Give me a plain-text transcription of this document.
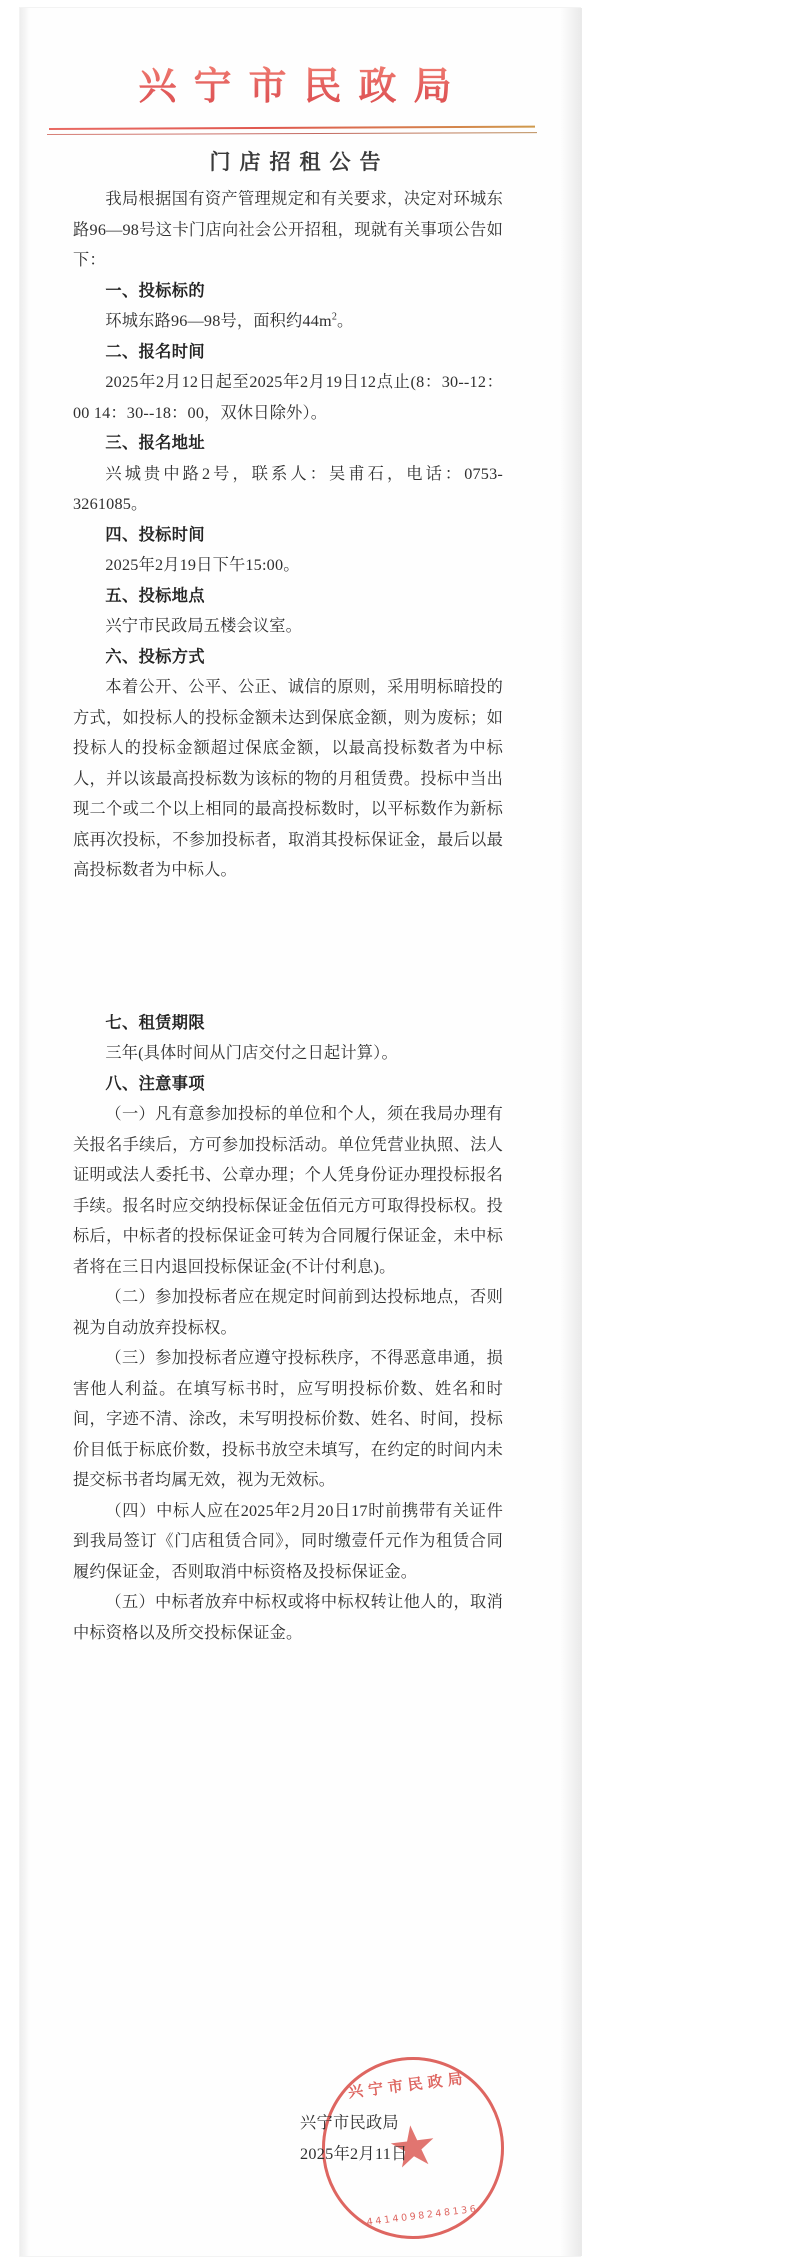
兴宁市民政局
门店招租公告

我局根据国有资产管理规定和有关要求，决定对环城东路96—98号这卡门店向社会公开招租，现就有关事项公告如下：

一、投标标的

环城东路96—98号，面积约$44m^2$。

二、报名时间

2025年2月12日起至2025年2月19日12点止(8：30--12：00 14：30--18：00，双休日除外）。

三、报名地址

兴城贵中路2号，联系人：吴甫石，电话：0753-3261085。

四、投标时间

2025年2月19日下午15:00。

五、投标地点

兴宁市民政局五楼会议室。

六、投标方式

本着公开、公平、公正、诚信的原则，采用明标暗投的方式，如投标人的投标金额未达到保底金额，则为废标；如投标人的投标金额超过保底金额，以最高投标数者为中标人，并以该最高投标数为该标的物的月租赁费。投标中当出现二个或二个以上相同的最高投标数时，以平标数作为新标底再次投标，不参加投标者，取消其投标保证金，最后以最高投标数者为中标人。

七、租赁期限

三年(具体时间从门店交付之日起计算）。

八、注意事项

（一）凡有意参加投标的单位和个人，须在我局办理有关报名手续后，方可参加投标活动。单位凭营业执照、法人证明或法人委托书、公章办理；个人凭身份证办理投标报名手续。报名时应交纳投标保证金伍佰元方可取得投标权。投标后，中标者的投标保证金可转为合同履行保证金，未中标者将在三日内退回投标保证金(不计付利息)。

（二）参加投标者应在规定时间前到达投标地点，否则视为自动放弃投标权。

（三）参加投标者应遵守投标秩序，不得恶意串通，损害他人利益。在填写标书时，应写明投标价数、姓名和时间，字迹不清、涂改，未写明投标价数、姓名、时间，投标价目低于标底价数，投标书放空未填写，在约定的时间内未提交标书者均属无效，视为无效标。

（四）中标人应在2025年2月20日17时前携带有关证件到我局签订《门店租赁合同》，同时缴壹仟元作为租赁合同履约保证金，否则取消中标资格及投标保证金。

（五）中标者放弃中标权或将中标权转让他人的，取消中标资格以及所交投标保证金。

兴宁市民政局
★
4414098248136
兴宁市民政局
2025年2月11日
